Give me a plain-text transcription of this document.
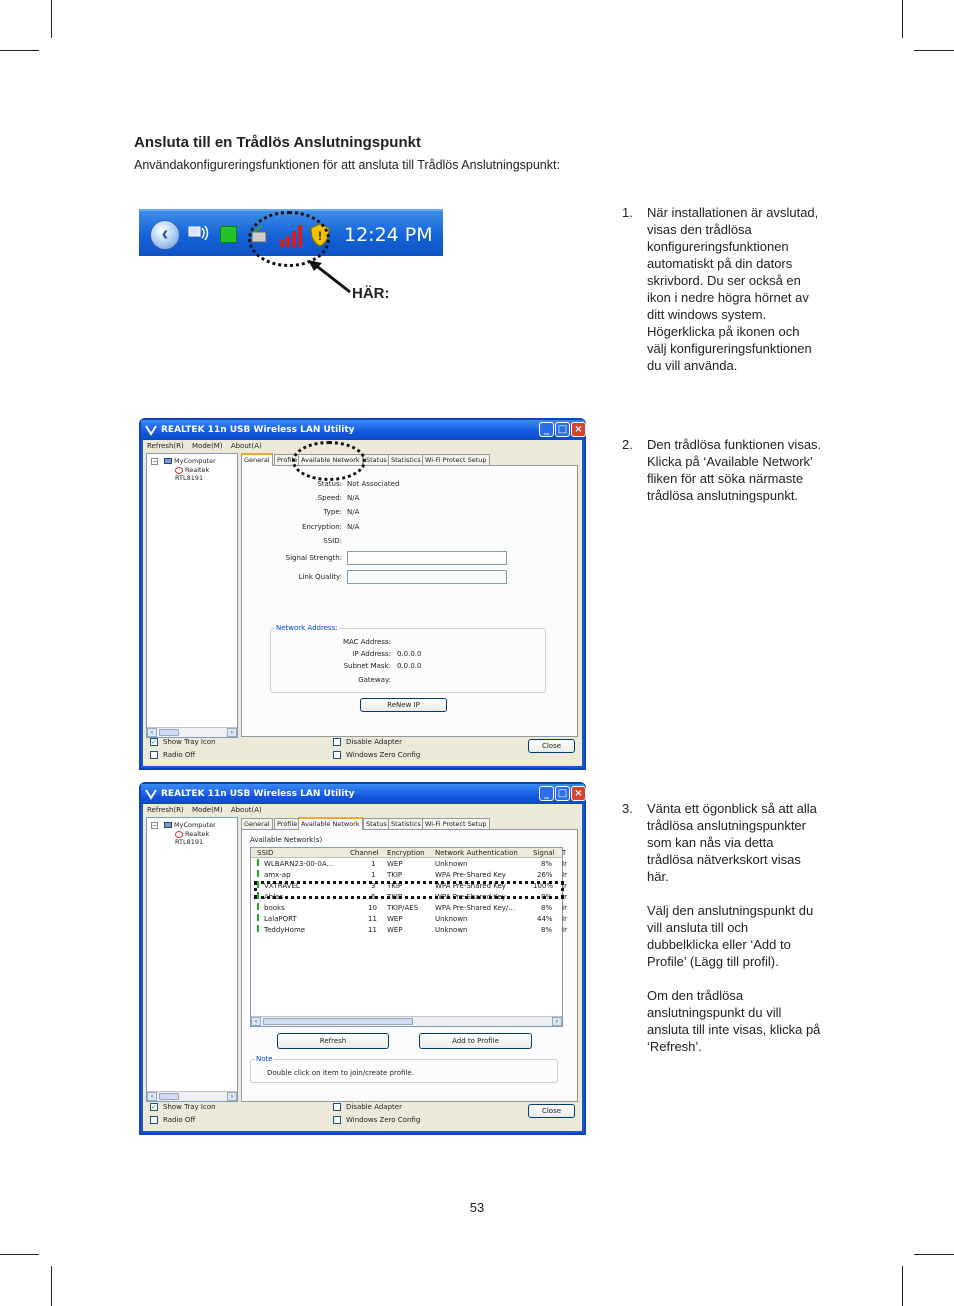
Ansluta till en Trådlös Anslutningspunkt
Användakonfigureringsfunktionen för att ansluta till Trådlös Anslutningspunkt:
‹	! 12:24 PM
HÄR:
1.	När installationen är avslutad, visas den trådlösa konfigureringsfunktionen automatiskt på din dators skrivbord. Du ser också en ikon i nedre högra hörnet av ditt windows system. Högerklicka på ikonen och välj konfigureringsfunktionen du vill använda.

2.	Den trådlösa funktionen visas. Klicka på ‘Available Network’ fliken för att söka närmaste trådlösa anslutningspunkt.

3.	Vänta ett ögonblick så att alla trådlösa anslutningspunkter som kan nås via detta trådlösa nätverkskort visas här.

Välj den anslutningspunkt du vill ansluta till och dubbelklicka eller ‘Add to Profile’ (Lägg till profil).

Om den trådlösa anslutningspunkt du vill ansluta till inte visas, klicka på ‘Refresh’.

REALTEK 11n USB Wireless LAN Utility	_ □ ×
Refresh(R) Mode(M) About(A)
−	MyComputer
Realtek RTL8191
‹	›
General	Profile Available Network Status Statistics Wi-Fi Protect Setup
Status: Not Associated
Speed: N/A
Type: N/A
Encryption: N/A
SSID:
Signal Strength:
Link Quality:
Network Address:
MAC Address:
IP Address: 0.0.0.0
Subnet Mask: 0.0.0.0
Gateway:
ReNew IP
✓ Show Tray Icon
Radio Off
Disable Adapter
Windows Zero Config
Close
REALTEK 11n USB Wireless LAN Utility	_ □ ×
Refresh(R) Mode(M) About(A)
−	MyComputer
Realtek RTL8191
‹	›
General	Profile Available Network Status Statistics Wi-Fi Protect Setup
Available Network(s)
SSID	Channel Encryption Network Authentication Signal T
WLBARN23-00-0A...	1 WEP	Unknown	8% Ir
amx-ap	1 TKIP	WPA Pre-Shared Key	26% Ir
VXTRAVEL	3 TKIP	WPA Pre-Shared Key	100% Ir
Ahlas	6 TKIP	WPA Pre-Shared Key	8% Ir
books	10 TKIP/AES WPA Pre-Shared Key/...	8% Ir
LalaPORT	11 WEP	Unknown	44% Ir
TeddyHome	11 WEP	Unknown	8% Ir
‹	›
Refresh	Add to Profile
Note
Double click on item to join/create profile.
✓ Show Tray Icon
Radio Off
Disable Adapter
Windows Zero Config
Close
53
